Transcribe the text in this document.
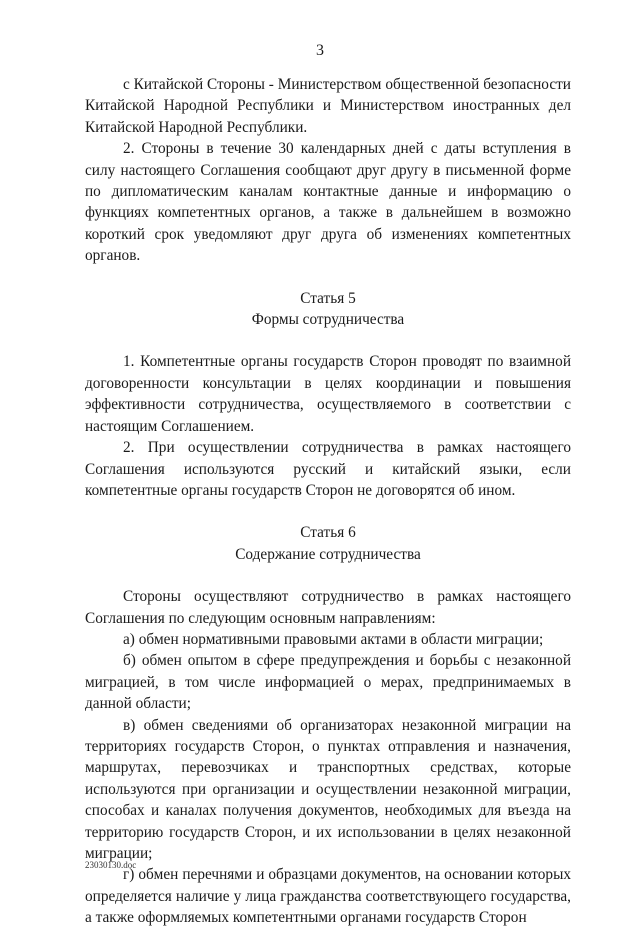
3

с Китайской Стороны - Министерством общественной безопасности Китайской Народной Республики и Министерством иностранных дел Китайской Народной Республики.

2. Стороны в течение 30 календарных дней с даты вступления в силу настоящего Соглашения сообщают друг другу в письменной форме по дипломатическим каналам контактные данные и информацию о функциях компетентных органов, а также в дальнейшем в возможно короткий срок уведомляют друг друга об изменениях компетентных органов.

Статья 5
Формы сотрудничества

1. Компетентные органы государств Сторон проводят по взаимной договоренности консультации в целях координации и повышения эффективности сотрудничества, осуществляемого в соответствии с настоящим Соглашением.

2. При осуществлении сотрудничества в рамках настоящего Соглашения используются русский и китайский языки, если компетентные органы государств Сторон не договорятся об ином.

Статья 6
Содержание сотрудничества

Стороны осуществляют сотрудничество в рамках настоящего Соглашения по следующим основным направлениям:

а) обмен нормативными правовыми актами в области миграции;

б) обмен опытом в сфере предупреждения и борьбы с незаконной миграцией, в том числе информацией о мерах, предпринимаемых в данной области;

в) обмен сведениями об организаторах незаконной миграции на территориях государств Сторон, о пунктах отправления и назначения, маршрутах, перевозчиках и транспортных средствах, которые используются при организации и осуществлении незаконной миграции, способах и каналах получения документов, необходимых для въезда на территорию государств Сторон, и их использовании в целях незаконной миграции;

г) обмен перечнями и образцами документов, на основании которых определяется наличие у лица гражданства соответствующего государства, а также оформляемых компетентными органами государств Сторон

23030130.doc
